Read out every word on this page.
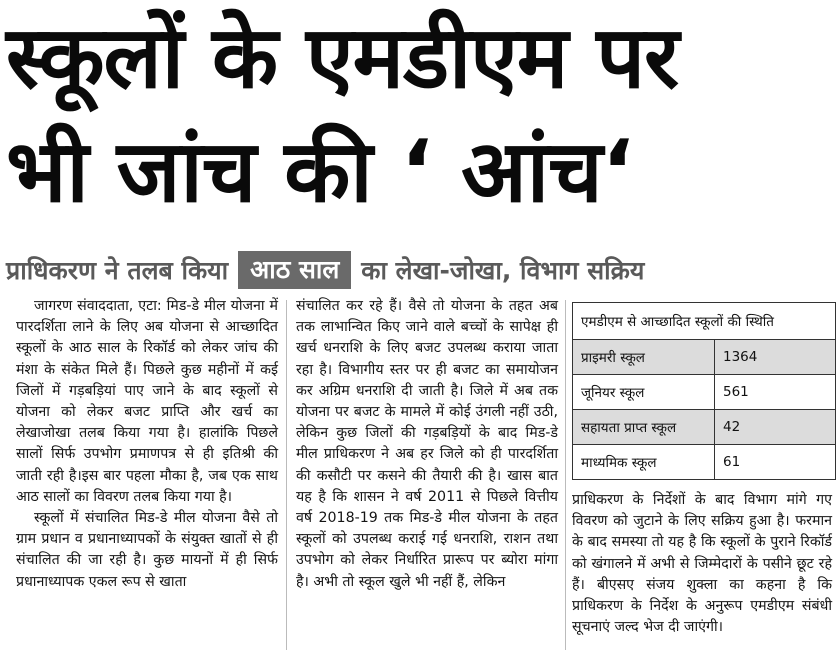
स्कूलों के एमडीएम पर
भी जांच की ‘ आंच‘
प्राधिकरण ने तलब किया आठ साल का लेखा-जोखा, विभाग सक्रिय

जागरण संवाददाता, एटा: मिड-डे मील योजना में पारदर्शिता लाने के लिए अब योजना से आच्छादित स्कूलों के आठ साल के रिकॉर्ड को लेकर जांच की मंशा के संकेत मिले हैं। पिछले कुछ महीनों में कई जिलों में गड़बड़ियां पाए जाने के बाद स्कूलों से योजना को लेकर बजट प्राप्ति और खर्च का लेखाजोखा तलब किया गया है। हालांकि पिछले सालों सिर्फ उपभोग प्रमाणपत्र से ही इतिश्री की जाती रही है।इस बार पहला मौका है, जब एक साथ आठ सालों का विवरण तलब किया गया है।

स्कूलों में संचालित मिड-डे मील योजना वैसे तो ग्राम प्रधान व प्रधानाध्यापकों के संयुक्त खातों से ही संचालित की जा रही है। कुछ मायनों में ही सिर्फ प्रधानाध्यापक एकल रूप से खाता

संचालित कर रहे हैं। वैसे तो योजना के तहत अब तक लाभान्वित किए जाने वाले बच्चों के सापेक्ष ही खर्च धनराशि के लिए बजट उपलब्ध कराया जाता रहा है। विभागीय स्तर पर ही बजट का समायोजन कर अग्रिम धनराशि दी जाती है। जिले में अब तक योजना पर बजट के मामले में कोई उंगली नहीं उठी, लेकिन कुछ जिलों की गड़बड़ियों के बाद मिड-डे मील प्राधिकरण ने अब हर जिले को ही पारदर्शिता की कसौटी पर कसने की तैयारी की है। खास बात यह है कि शासन ने वर्ष 2011 से पिछले वित्तीय वर्ष 2018-19 तक मिड-डे मील योजना के तहत स्कूलों को उपलब्ध कराई गई धनराशि, राशन तथा उपभोग को लेकर निर्धारित प्रारूप पर ब्योरा मांगा है। अभी तो स्कूल खुले भी नहीं हैं, लेकिन

एमडीएम से आच्छादित स्कूलों की स्थिति	
प्राइमरी स्कूल	1364
जूनियर स्कूल	561
सहायता प्राप्त स्कूल	42
माध्यमिक स्कूल	61

प्राधिकरण के निर्देशों के बाद विभाग मांगे गए विवरण को जुटाने के लिए सक्रिय हुआ है। फरमान के बाद समस्या तो यह है कि स्कूलों के पुराने रिकॉर्ड को खंगालने में अभी से जिम्मेदारों के पसीने छूट रहे हैं। बीएसए संजय शुक्ला का कहना है कि प्राधिकरण के निर्देश के अनुरूप एमडीएम संबंधी सूचनाएं जल्द भेज दी जाएंगी।
